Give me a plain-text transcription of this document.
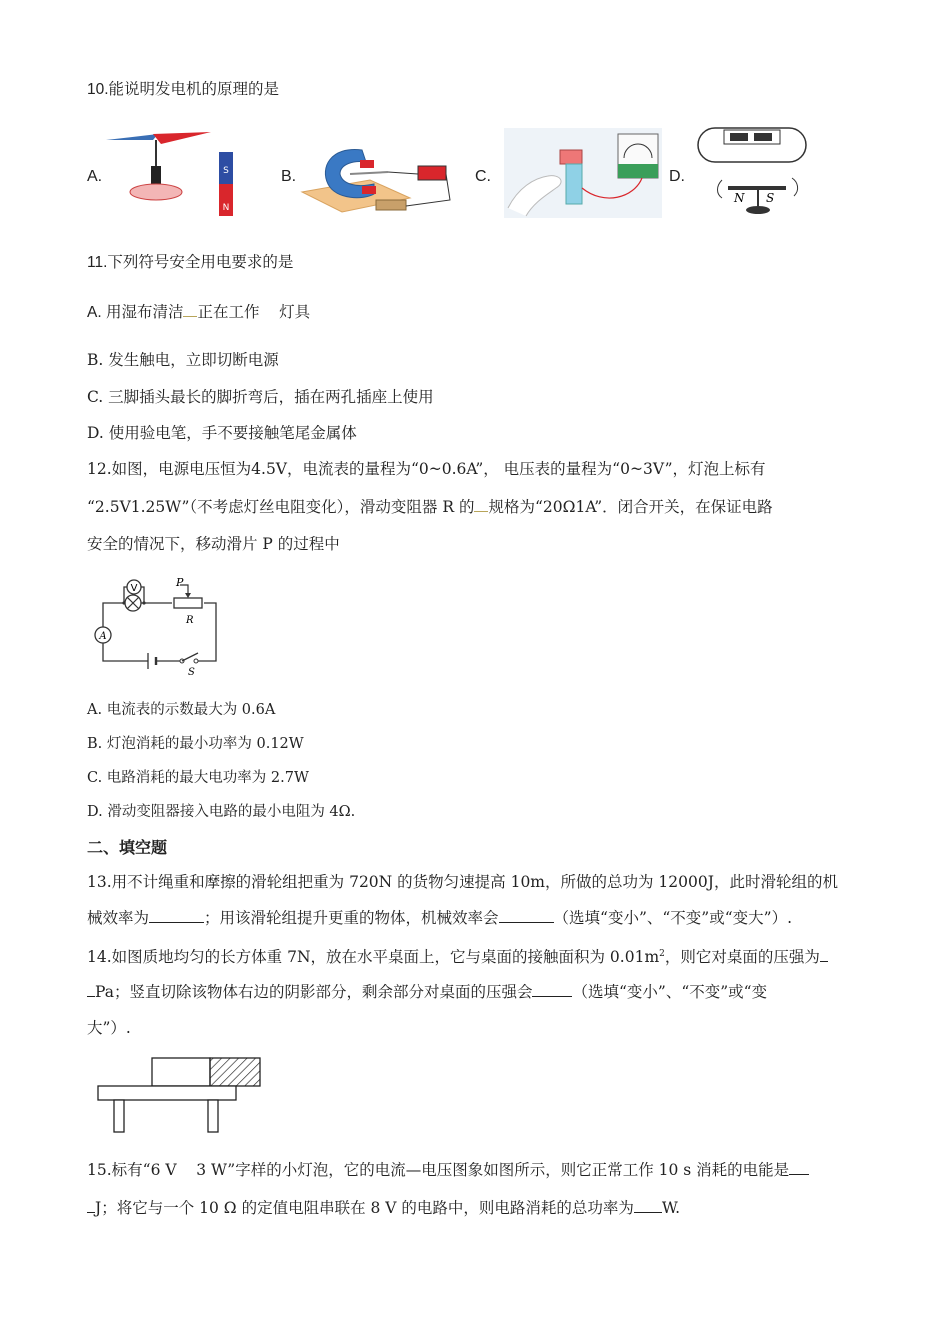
10.能说明发电机的原理的是
A.	S
N
B.	C.	D.
N S
11.下列符号安全用电要求的是
A. 用湿布清洁 正在工作    灯具
B. 发生触电，立即切断电源
C. 三脚插头最长的脚折弯后，插在两孔插座上使用
D. 使用验电笔，手不要接触笔尾金属体
12.如图，电源电压恒为4.5V，电流表的量程为“0~0.6A”， 电压表的量程为“0~3V”，灯泡上标有
“2.5V1.25W”（不考虑灯丝电阻变化），滑动变阻器 R 的 规格为“20Ω1A”．闭合开关，在保证电路
安全的情况下，移动滑片 P 的过程中
V	P
R
A
S
A. 电流表的示数最大为 0.6A
B. 灯泡消耗的最小功率为 0.12W
C. 电路消耗的最大电功率为 2.7W
D. 滑动变阻器接入电路的最小电阻为 4Ω.
二、填空题
13.用不计绳重和摩擦的滑轮组把重为 720N 的货物匀速提高 10m，所做的总功为 12000J，此时滑轮组的机
械效率为	；用该滑轮组提升更重的物体，机械效率会	（选填“变小”、“不变”或“变大”）.
14.如图质地均匀的长方体重 7N，放在水平桌面上，它与桌面的接触面积为 $0.01m^2$，则它对桌面的压强为
Pa；竖直切除该物体右边的阴影部分，剩余部分对桌面的压强会	（选填“变小”、“不变”或“变
大”）.
15.标有“6 V    3 W”字样的小灯泡，它的电流—电压图象如图所示，则它正常工作 10 s 消耗的电能是
J；将它与一个 10 Ω 的定值电阻串联在 8 V 的电路中，则电路消耗的总功率为 W.
